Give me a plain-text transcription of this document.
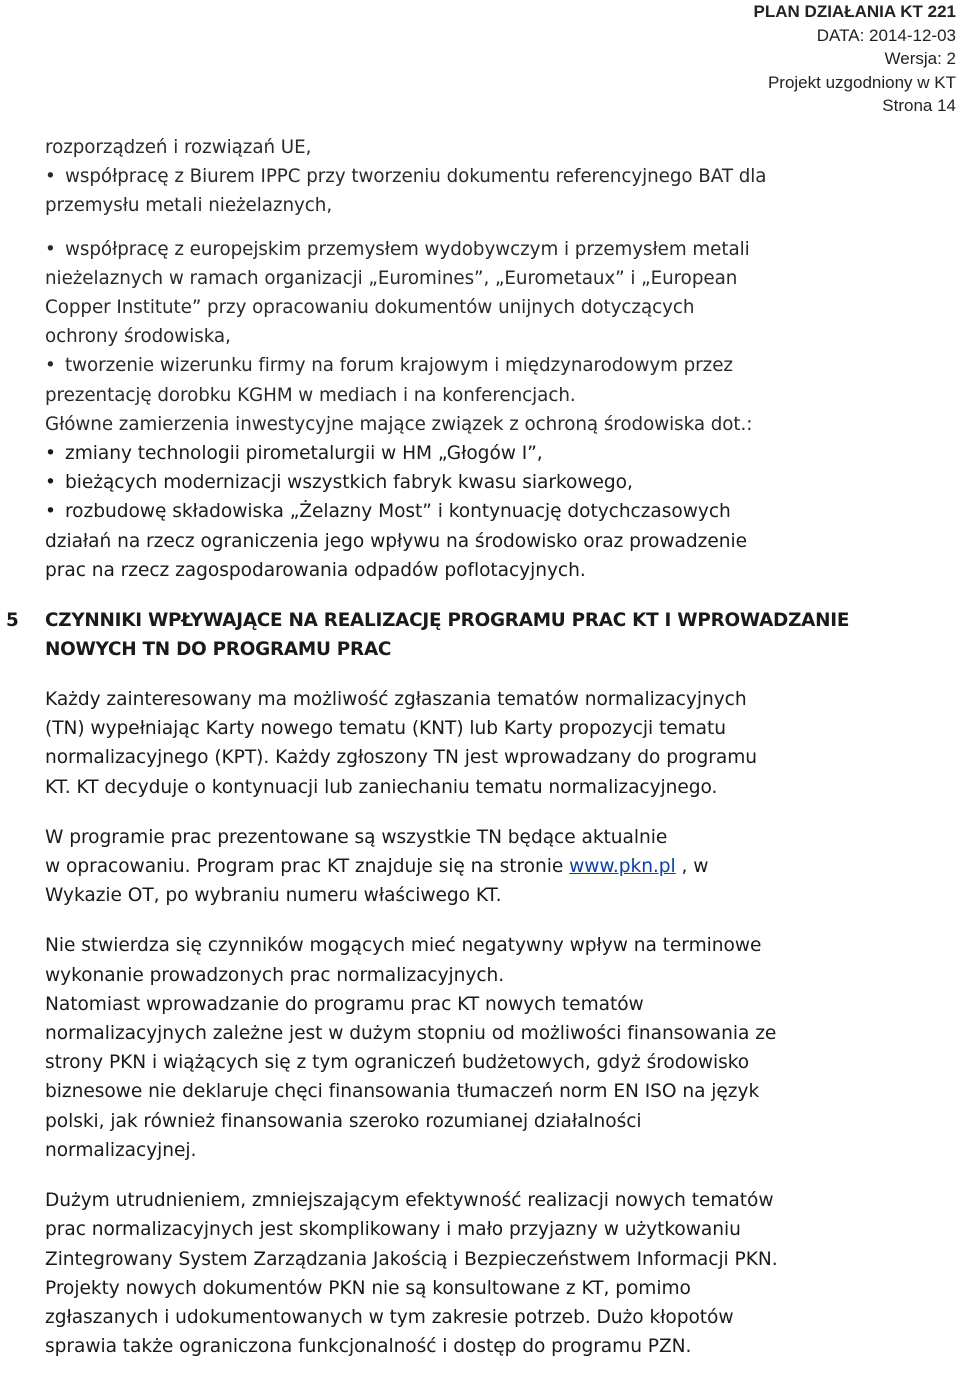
PLAN DZIAŁANIA KT 221
DATA: 2014-12-03
Wersja: 2
Projekt uzgodniony w KT
Strona 14
rozporządzeń i rozwiązań UE,
• współpracę z Biurem IPPC przy tworzeniu dokumentu referencyjnego BAT dla
przemysłu metali nieżelaznych,
• współpracę z europejskim przemysłem wydobywczym i przemysłem metali
nieżelaznych w ramach organizacji „Euromines”, „Eurometaux” i „European
Copper Institute” przy opracowaniu dokumentów unijnych dotyczących
ochrony środowiska,
• tworzenie wizerunku firmy na forum krajowym i międzynarodowym przez
prezentację dorobku KGHM w mediach i na konferencjach.
Główne zamierzenia inwestycyjne mające związek z ochroną środowiska dot.:
• zmiany technologii pirometalurgii w HM „Głogów I”,
• bieżących modernizacji wszystkich fabryk kwasu siarkowego,
• rozbudowę składowiska „Żelazny Most” i kontynuację dotychczasowych
działań na rzecz ograniczenia jego wpływu na środowisko oraz prowadzenie
prac na rzecz zagospodarowania odpadów poflotacyjnych.
5 CZYNNIKI WPŁYWAJĄCE NA REALIZACJĘ PROGRAMU PRAC KT I WPROWADZANIE
NOWYCH TN DO PROGRAMU PRAC
Każdy zainteresowany ma możliwość zgłaszania tematów normalizacyjnych
(TN) wypełniając Karty nowego tematu (KNT) lub Karty propozycji tematu
normalizacyjnego (KPT). Każdy zgłoszony TN jest wprowadzany do programu
KT. KT decyduje o kontynuacji lub zaniechaniu tematu normalizacyjnego.
W programie prac prezentowane są wszystkie TN będące aktualnie
w opracowaniu. Program prac KT znajduje się na stronie www.pkn.pl , w
Wykazie OT, po wybraniu numeru właściwego KT.
Nie stwierdza się czynników mogących mieć negatywny wpływ na terminowe
wykonanie prowadzonych prac normalizacyjnych.
Natomiast wprowadzanie do programu prac KT nowych tematów
normalizacyjnych zależne jest w dużym stopniu od możliwości finansowania ze
strony PKN i wiążących się z tym ograniczeń budżetowych, gdyż środowisko
biznesowe nie deklaruje chęci finansowania tłumaczeń norm EN ISO na język
polski, jak również finansowania szeroko rozumianej działalności
normalizacyjnej.
Dużym utrudnieniem, zmniejszającym efektywność realizacji nowych tematów
prac normalizacyjnych jest skomplikowany i mało przyjazny w użytkowaniu
Zintegrowany System Zarządzania Jakością i Bezpieczeństwem Informacji PKN.
Projekty nowych dokumentów PKN nie są konsultowane z KT, pomimo
zgłaszanych i udokumentowanych w tym zakresie potrzeb. Dużo kłopotów
sprawia także ograniczona funkcjonalność i dostęp do programu PZN.
